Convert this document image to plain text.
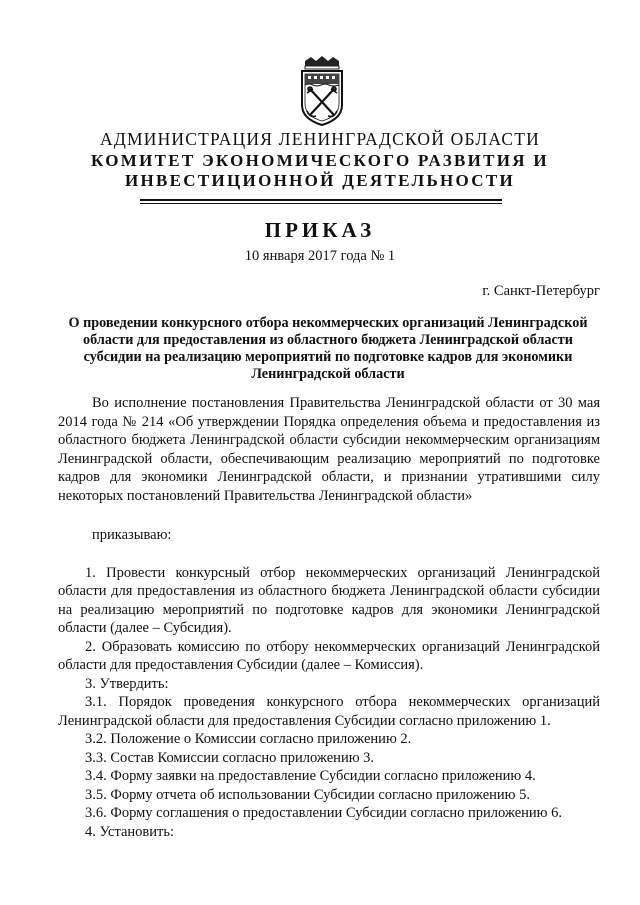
АДМИНИСТРАЦИЯ ЛЕНИНГРАДСКОЙ ОБЛАСТИ
КОМИТЕТ ЭКОНОМИЧЕСКОГО РАЗВИТИЯ И
ИНВЕСТИЦИОННОЙ ДЕЯТЕЛЬНОСТИ
ПРИКАЗ
10 января 2017 года № 1
г. Санкт-Петербург
О проведении конкурсного отбора некоммерческих организаций Ленинградской области для предоставления из областного бюджета Ленинградской области субсидии на реализацию мероприятий по подготовке кадров для экономики Ленинградской области

Во исполнение постановления Правительства Ленинградской области от 30 мая 2014 года № 214 «Об утверждении Порядка определения объема и предоставления из областного бюджета Ленинградской области субсидии некоммерческим организациям Ленинградской области, обеспечивающим реализацию мероприятий по подготовке кадров для экономики Ленинградской области, и признании утратившими силу некоторых постановлений Правительства Ленинградской области»

приказываю:

1. Провести конкурсный отбор некоммерческих организаций Ленинградской области для предоставления из областного бюджета Ленинградской области субсидии на реализацию мероприятий по подготовке кадров для экономики Ленинградской области (далее – Субсидия).

2. Образовать комиссию по отбору некоммерческих организаций Ленинградской области для предоставления Субсидии (далее – Комиссия).

3. Утвердить:

3.1. Порядок проведения конкурсного отбора некоммерческих организаций Ленинградской области для предоставления Субсидии согласно приложению 1.

3.2. Положение о Комиссии согласно приложению 2.

3.3. Состав Комиссии согласно приложению 3.

3.4. Форму заявки на предоставление Субсидии согласно приложению 4.

3.5. Форму отчета об использовании Субсидии согласно приложению 5.

3.6. Форму соглашения о предоставлении Субсидии согласно приложению 6.

4. Установить:
